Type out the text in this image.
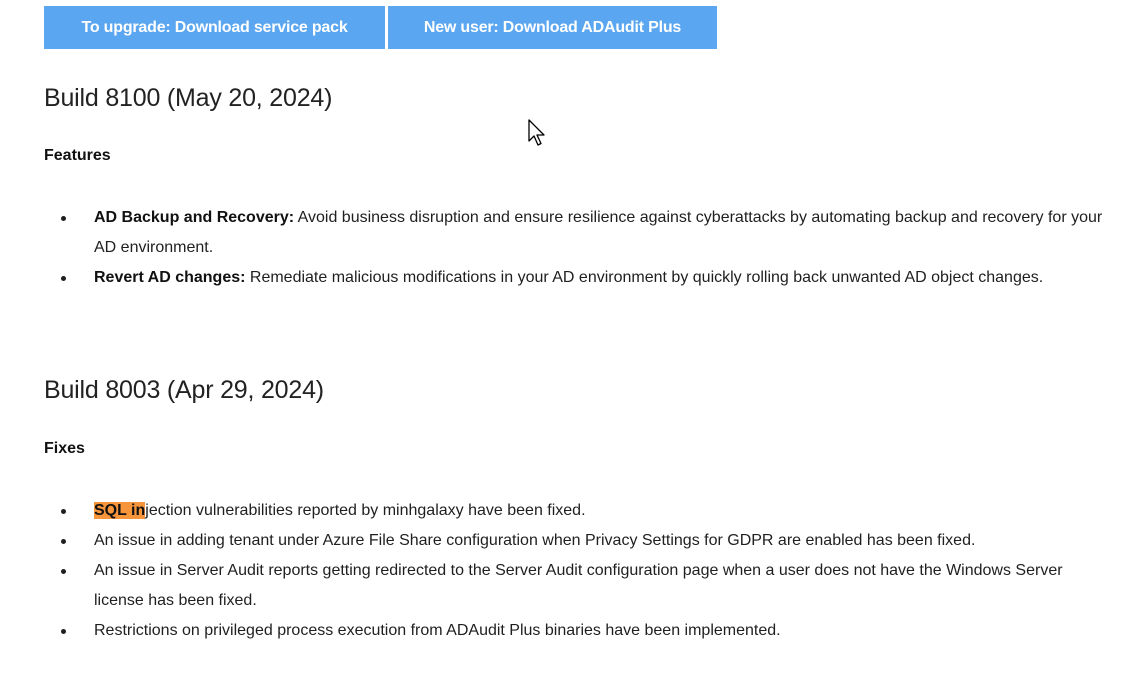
To upgrade: Download service pack	New user: Download ADAudit Plus
Build 8100 (May 20, 2024)
Features
AD Backup and Recovery: Avoid business disruption and ensure resilience against cyberattacks by automating backup and recovery for your AD environment.
Revert AD changes: Remediate malicious modifications in your AD environment by quickly rolling back unwanted AD object changes.
Build 8003 (Apr 29, 2024)
Fixes
SQL injection vulnerabilities reported by minhgalaxy have been fixed.
An issue in adding tenant under Azure File Share configuration when Privacy Settings for GDPR are enabled has been fixed.
An issue in Server Audit reports getting redirected to the Server Audit configuration page when a user does not have the Windows Server license has been fixed.
Restrictions on privileged process execution from ADAudit Plus binaries have been implemented.
